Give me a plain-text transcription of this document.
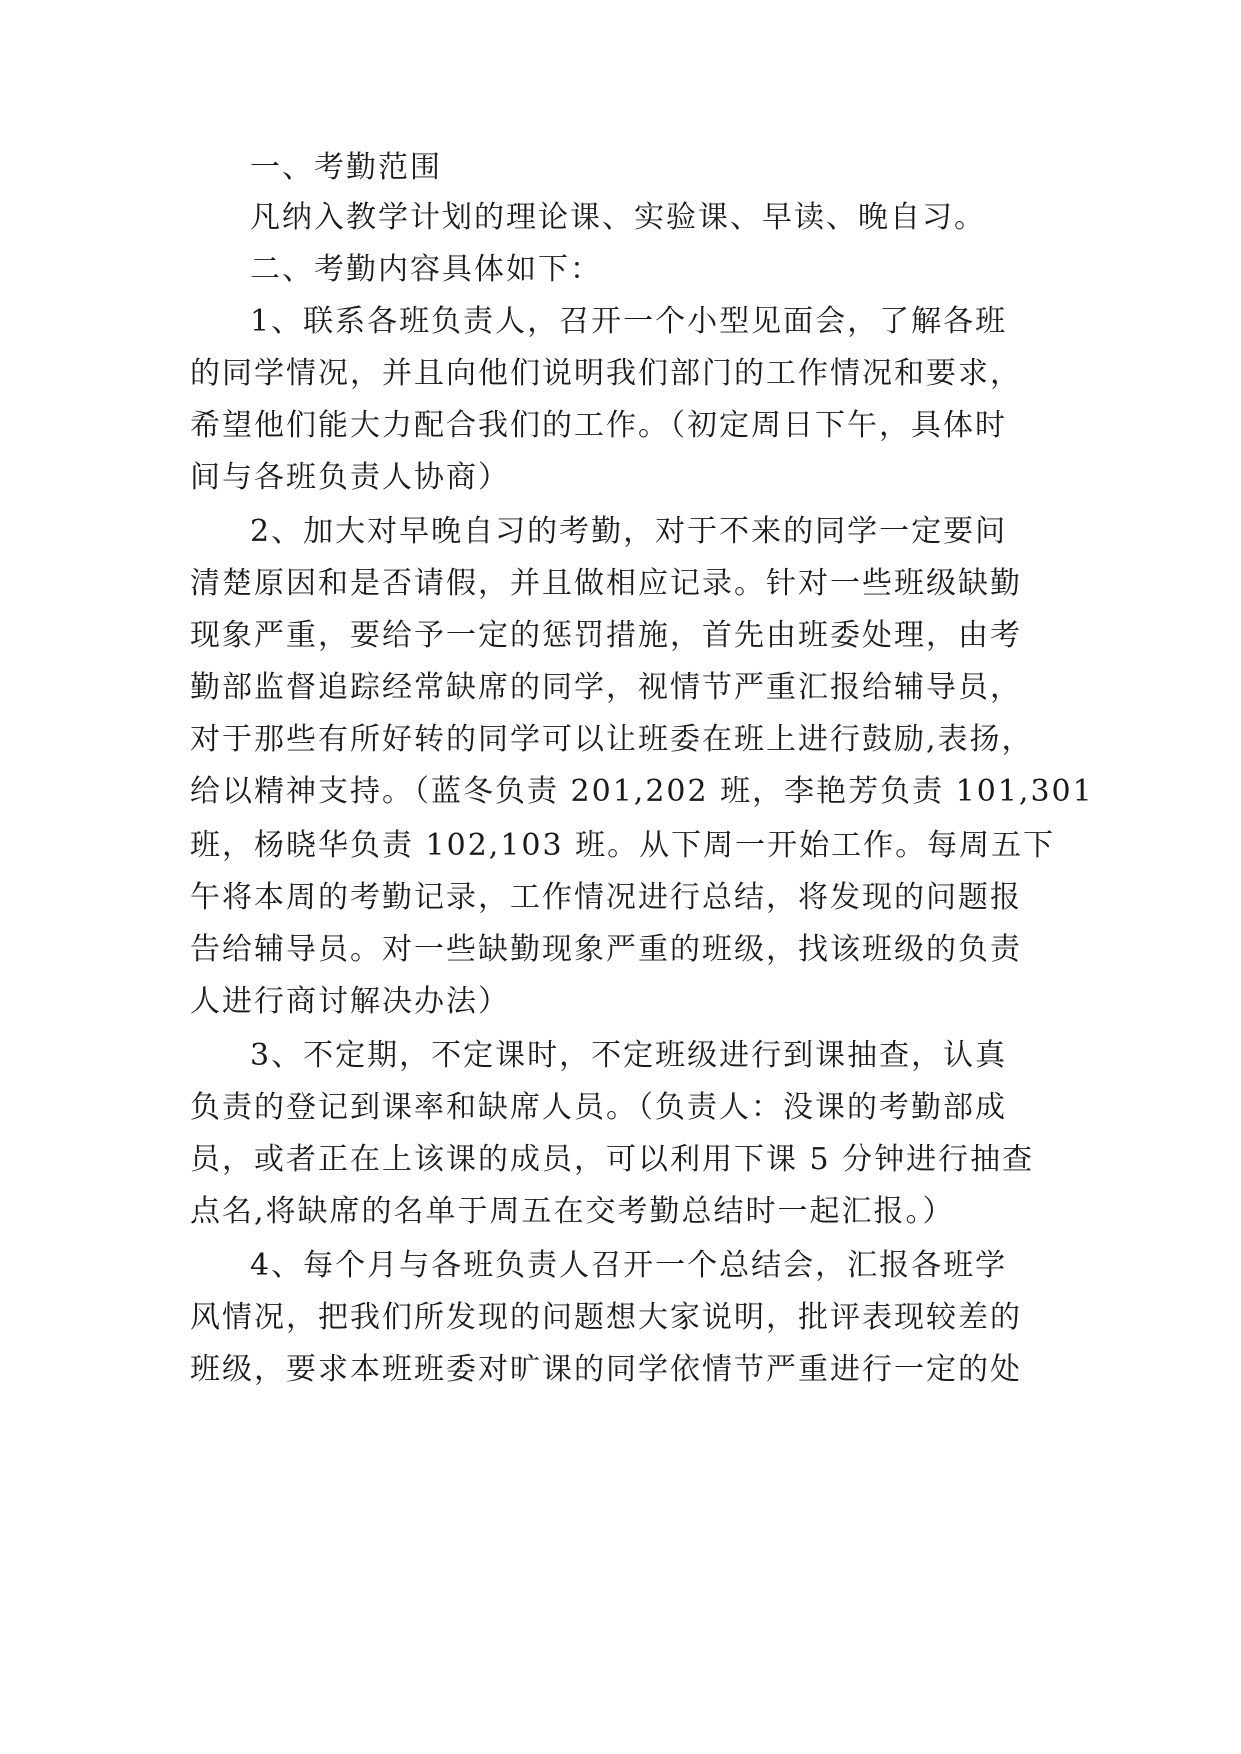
一、考勤范围
凡纳入教学计划的理论课、实验课、早读、晚自习。
二、考勤内容具体如下：
1、联系各班负责人，召开一个小型见面会，了解各班
的同学情况，并且向他们说明我们部门的工作情况和要求，
希望他们能大力配合我们的工作。（初定周日下午，具体时
间与各班负责人协商）
2、加大对早晚自习的考勤，对于不来的同学一定要问
清楚原因和是否请假，并且做相应记录。针对一些班级缺勤
现象严重，要给予一定的惩罚措施，首先由班委处理，由考
勤部监督追踪经常缺席的同学，视情节严重汇报给辅导员，
对于那些有所好转的同学可以让班委在班上进行鼓励,表扬，
给以精神支持。（蓝冬负责 201,202 班，李艳芳负责 101,301
班，杨晓华负责 102,103 班。从下周一开始工作。每周五下
午将本周的考勤记录，工作情况进行总结，将发现的问题报
告给辅导员。对一些缺勤现象严重的班级，找该班级的负责
人进行商讨解决办法）
3、不定期，不定课时，不定班级进行到课抽查，认真
负责的登记到课率和缺席人员。（负责人：没课的考勤部成
员，或者正在上该课的成员，可以利用下课 5 分钟进行抽查
点名,将缺席的名单于周五在交考勤总结时一起汇报。）
4、每个月与各班负责人召开一个总结会，汇报各班学
风情况，把我们所发现的问题想大家说明，批评表现较差的
班级，要求本班班委对旷课的同学依情节严重进行一定的处
